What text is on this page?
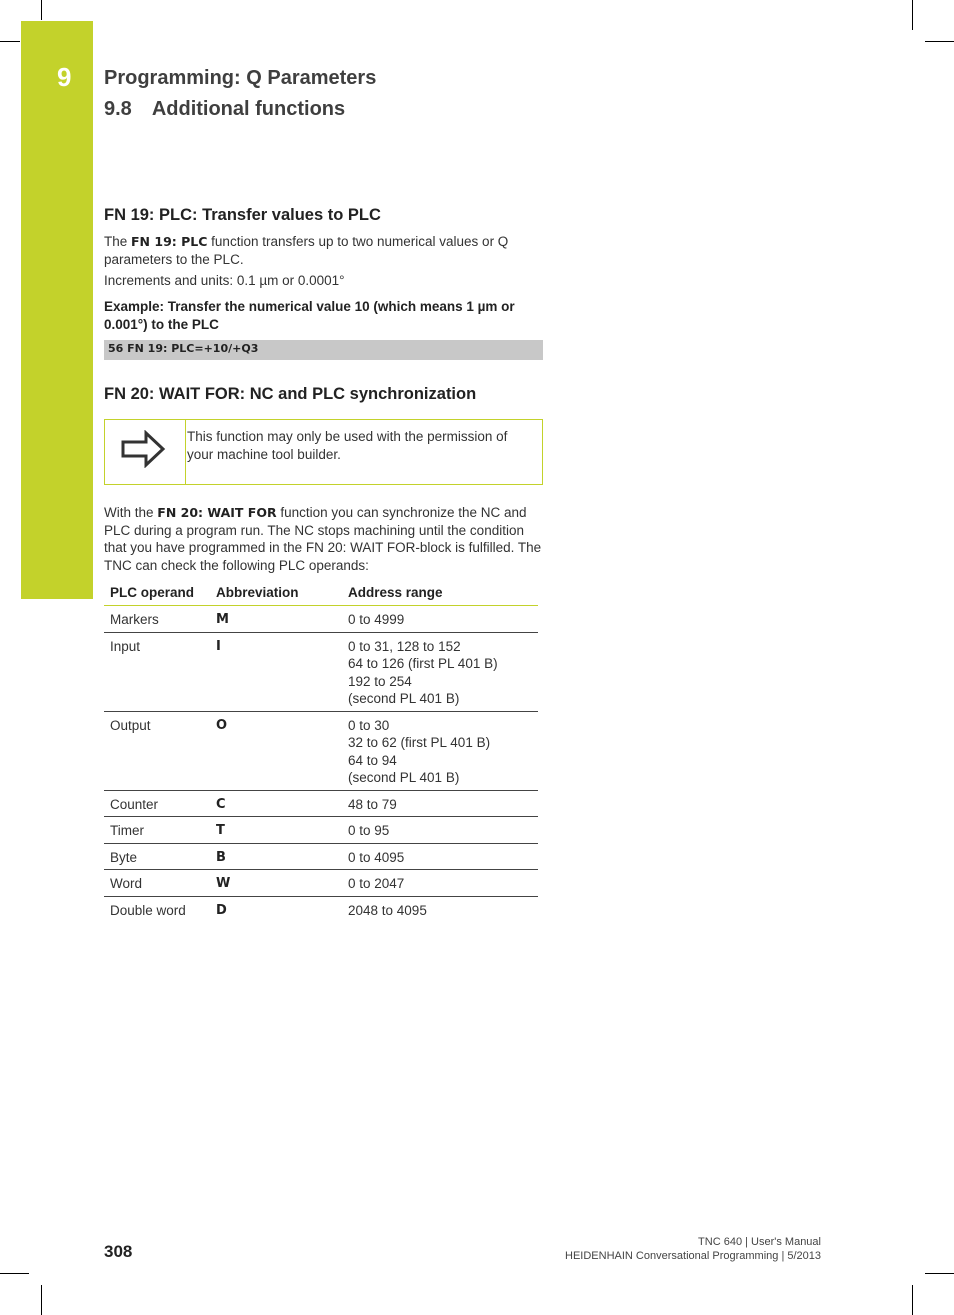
9 Programming: Q Parameters
9.8 Additional functions
FN 19: PLC: Transfer values to PLC
The FN 19: PLC function transfers up to two numerical values or Q parameters to the PLC.
Increments and units: 0.1 µm or 0.0001°
Example: Transfer the numerical value 10 (which means 1 µm or 0.001°) to the PLC
56 FN 19: PLC=+10/+Q3
FN 20: WAIT FOR: NC and PLC synchronization
This function may only be used with the permission of your machine tool builder.
With the FN 20: WAIT FOR function you can synchronize the NC and PLC during a program run. The NC stops machining until the condition that you have programmed in the FN 20: WAIT FOR-block is fulfilled. The TNC can check the following PLC operands:
PLC operand	Abbreviation	Address range
Markers	M	0 to 4999

Input	I	0 to 31, 128 to 152
64 to 126 (first PL 401 B)
192 to 254
(second PL 401 B)

Output	O	0 to 30
32 to 62 (first PL 401 B)
64 to 94
(second PL 401 B)

Counter	C	48 to 79

Timer	T	0 to 95

Byte	B	0 to 4095

Word	W	0 to 2047

Double word	D	2048 to 4095
308	TNC 640 | User's Manual
HEIDENHAIN Conversational Programming | 5/2013
